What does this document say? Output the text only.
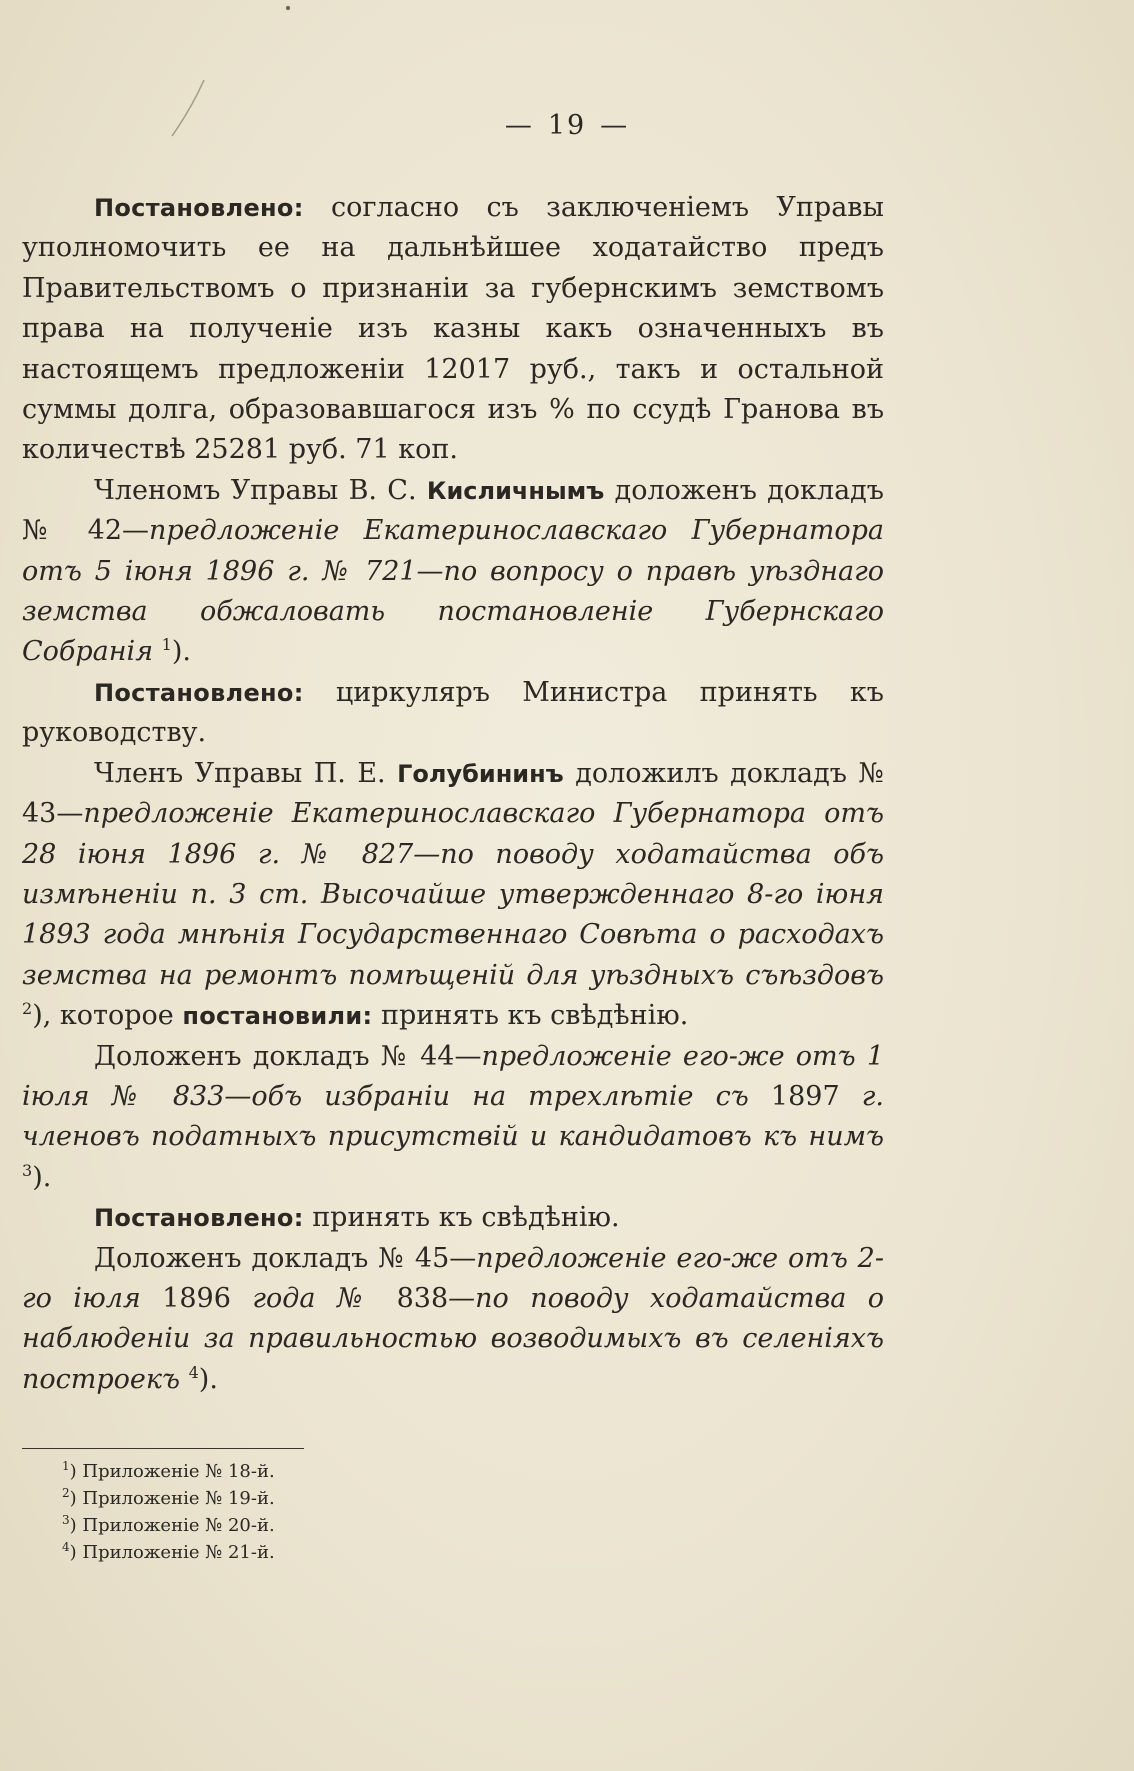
— 19 —

Постановлено: согласно съ заключеніемъ Управы уполномочить ее на дальнѣйшее ходатайство предъ Правительствомъ о признаніи за губернскимъ земствомъ права на полученіе изъ казны какъ означенныхъ въ настоящемъ предложеніи 12017 руб., такъ и остальной суммы долга, образовавшагося изъ % по ссудѣ Гранова въ количествѣ 25281 руб. 71 коп.

Членомъ Управы В. С. Кисличнымъ доложенъ докладъ № 42—предложеніе Екатеринославскаго Губернатора отъ 5 іюня 1896 г. № 721—по вопросу о правѣ уѣзднаго земства обжаловать постановленіе Губернскаго Собранія $^1$).

Постановлено: циркуляръ Министра принять къ руководству.

Членъ Управы П. Е. Голубининъ доложилъ докладъ № 43—предложеніе Екатеринославскаго Губернатора отъ 28 іюня 1896 г. № 827—по поводу ходатайства объ измѣненіи п. 3 ст. Высочайше утвержденнаго 8-го іюня 1893 года мнѣнія Государственнаго Совѣта о расходахъ земства на ремонтъ помѣщеній для уѣздныхъ съѣздовъ $^2$), которое постановили: принять къ свѣдѣнію.

Доложенъ докладъ № 44—предложеніе его-же отъ 1 іюля № 833—объ избраніи на трехлѣтіе съ 1897 г. членовъ податныхъ присутствій и кандидатовъ къ нимъ $^3$).

Постановлено: принять къ свѣдѣнію.

Доложенъ докладъ № 45—предложеніе его-же отъ 2-го іюля 1896 года № 838—по поводу ходатайства о наблюденіи за правильностью возводимыхъ въ селеніяхъ построекъ $^4$).

$^1$) Приложеніе № 18-й.
$^2$) Приложеніе № 19-й.
$^3$) Приложеніе № 20-й.
$^4$) Приложеніе № 21-й.
